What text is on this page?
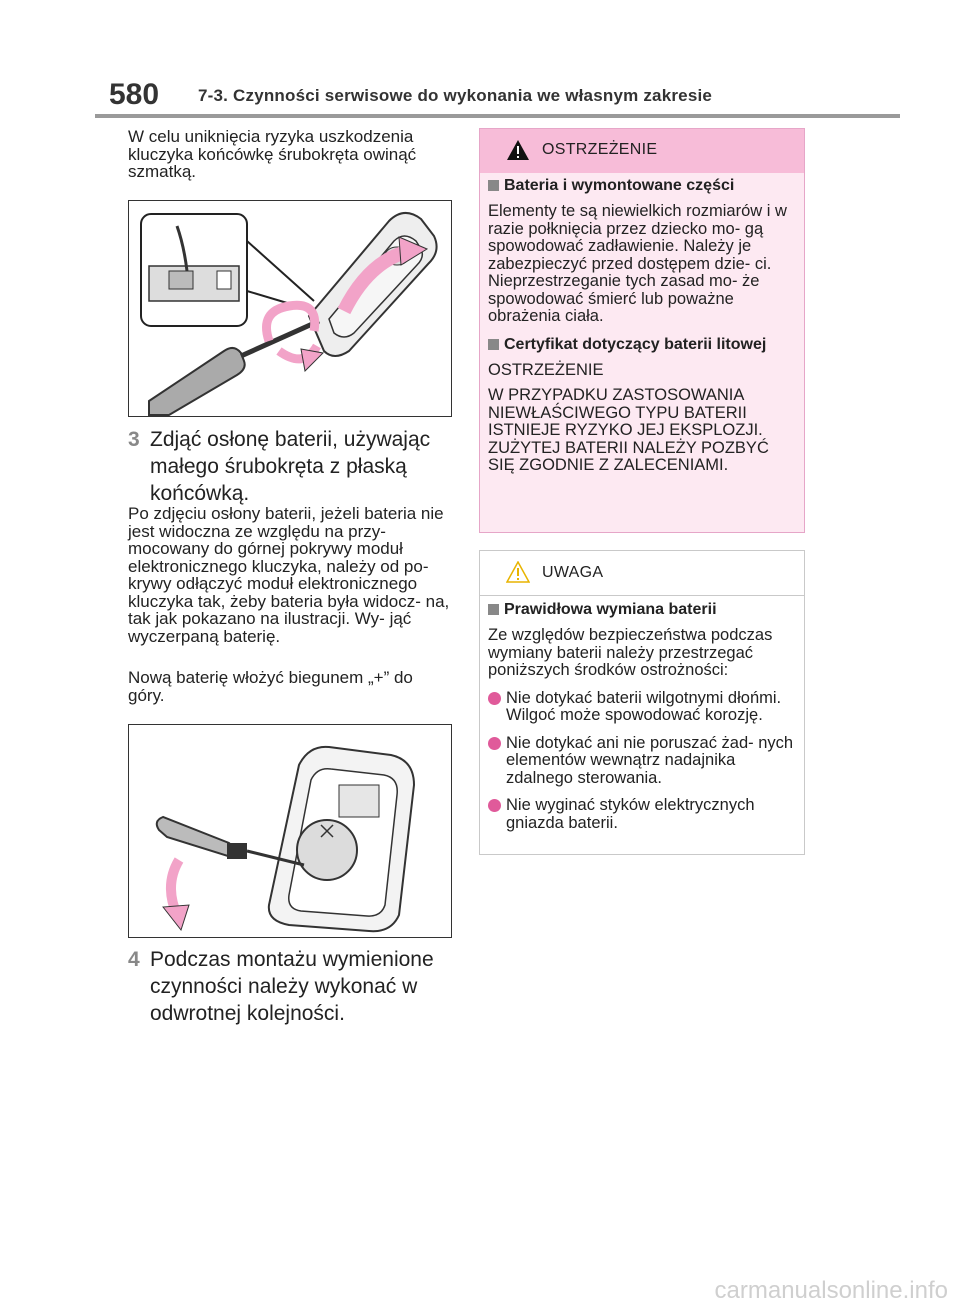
580 7-3. Czynności serwisowe do wykonania we własnym zakresie

W celu uniknięcia ryzyka uszkodzenia kluczyka końcówkę śrubokręta owinąć szmatką.

3 Zdjąć osłonę baterii, używając małego śrubokręta z płaską końcówką.

Po zdjęciu osłony baterii, jeżeli bateria nie jest widoczna ze względu na przy- mocowany do górnej pokrywy moduł elektronicznego kluczyka, należy od po- krywy odłączyć moduł elektronicznego kluczyka tak, żeby bateria była widocz- na, tak jak pokazano na ilustracji. Wy- jąć wyczerpaną baterię.

Nową baterię włożyć biegunem „+” do góry.

4 Podczas montażu wymienione czynności należy wykonać w odwrotnej kolejności.
OSTRZEŻENIE

Bateria i wymontowane części

Elementy te są niewielkich rozmiarów i w razie połknięcia przez dziecko mo- gą spowodować zadławienie. Należy je zabezpieczyć przed dostępem dzie- ci. Nieprzestrzeganie tych zasad mo- że spowodować śmierć lub poważne obrażenia ciała.

Certyfikat dotyczący baterii litowej

OSTRZEŻENIE

W PRZYPADKU ZASTOSOWANIA NIEWŁAŚCIWEGO TYPU BATERII ISTNIEJE RYZYKO JEJ EKSPLOZJI. ZUŻYTEJ BATERII NALEŻY POZBYĆ SIĘ ZGODNIE Z ZALECENIAMI.

UWAGA

Prawidłowa wymiana baterii

Ze względów bezpieczeństwa podczas wymiany baterii należy przestrzegać poniższych środków ostrożności:

Nie dotykać baterii wilgotnymi dłońmi. Wilgoć może spowodować korozję.

Nie dotykać ani nie poruszać żad- nych elementów wewnątrz nadajnika zdalnego sterowania.

Nie wyginać styków elektrycznych gniazda baterii.

carmanualsonline.info
